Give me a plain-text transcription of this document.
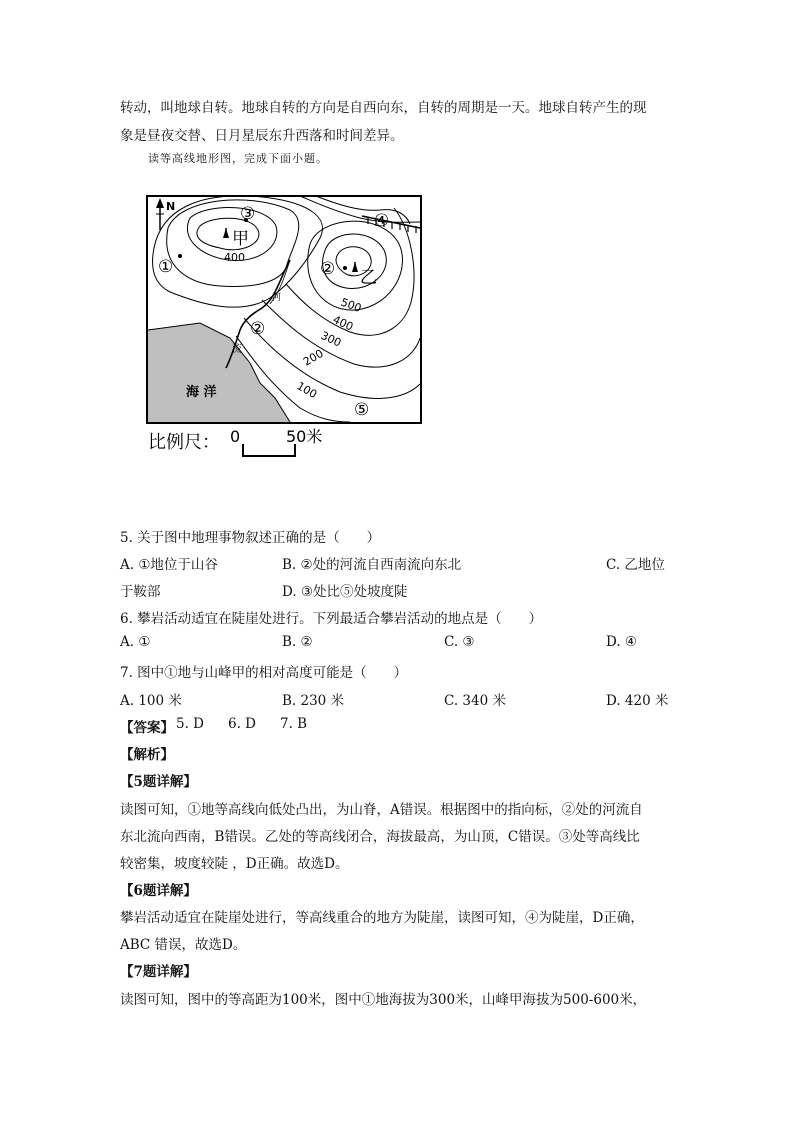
转动，叫地球自转。地球自转的方向是自西向东，自转的周期是一天。地球自转产生的现
象是昼夜交替、日月星辰东升西落和时间差异。
读等高线地形图，完成下面小题。
N
①
②
③	④
⑤
②
甲
乙
400
500
400
300
200
100
河
流
海 洋
比例尺： 0	50米
5. 关于图中地理事物叙述正确的是（　　）
A. ①地位于山谷	B. ②处的河流自西南流向东北	C. 乙地位
于鞍部	D. ③处比⑤处坡度陡
6. 攀岩活动适宜在陡崖处进行。下列最适合攀岩活动的地点是（　　）
A. ①	B. ②	C. ③	D. ④
7. 图中①地与山峰甲的相对高度可能是（　　）
A. 100 米	B. 230 米	C. 340 米	D. 420 米
【答案】 5. D 6. D 7. B
【解析】
【5题详解】
读图可知，①地等高线向低处凸出，为山脊，A错误。根据图中的指向标，②处的河流自
东北流向西南，B错误。乙处的等高线闭合，海拔最高，为山顶，C错误。③处等高线比
较密集，坡度较陡 ，D正确。故选D。
【6题详解】
攀岩活动适宜在陡崖处进行，等高线重合的地方为陡崖，读图可知，④为陡崖，D正确，
ABC 错误，故选D。
【7题详解】
读图可知，图中的等高距为100米，图中①地海拔为300米，山峰甲海拔为500-600米，
